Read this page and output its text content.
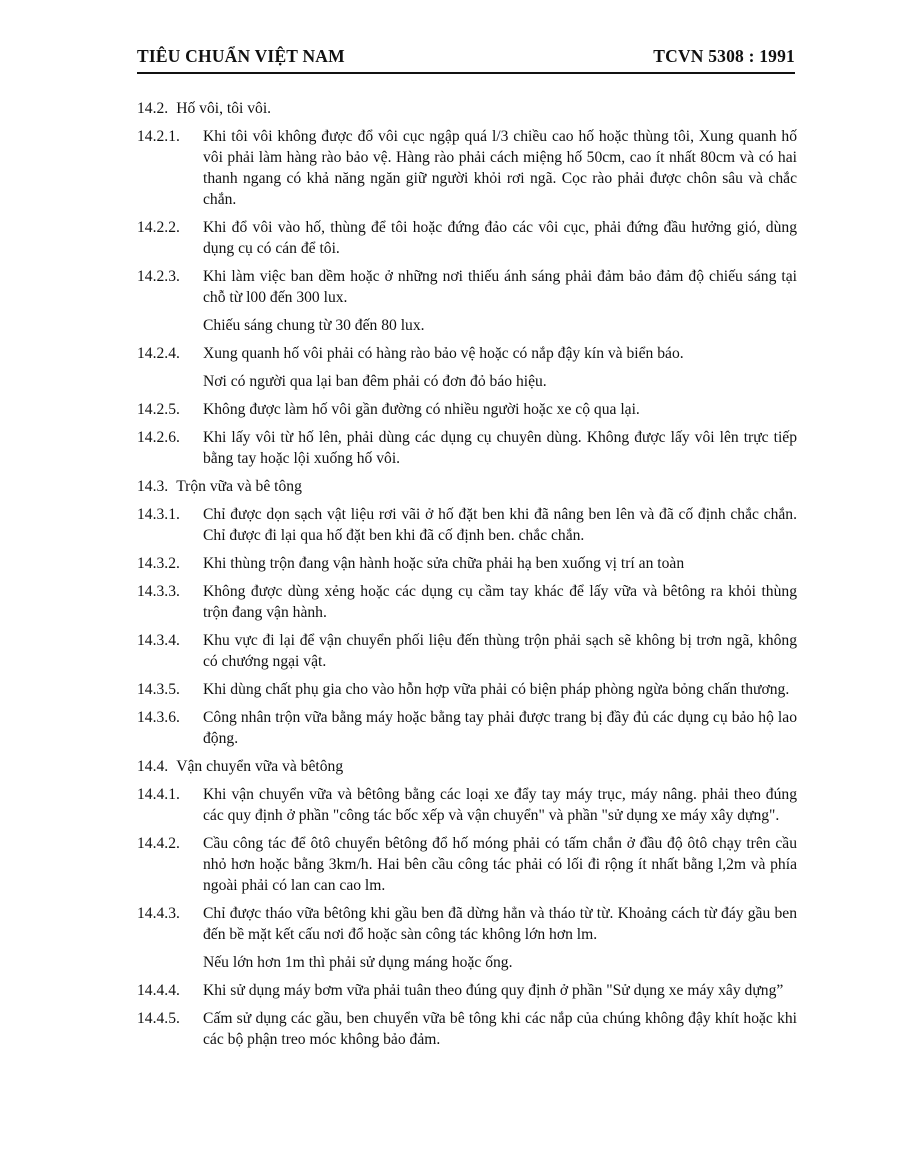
TIÊU CHUẨN VIỆT NAM	TCVN 5308 : 1991
14.2. Hố vôi, tôi vôi.
14.2.1.	Khi tôi vôi không được đổ vôi cục ngập quá l/3 chiều cao hố hoặc thùng tôi, Xung quanh hố vôi phải làm hàng rào bảo vệ. Hàng rào phải cách miệng hố 50cm, cao ít nhất 80cm và có hai thanh ngang có khả năng ngăn giữ người khỏi rơi ngã. Cọc rào phải được chôn sâu và chắc chắn.
14.2.2.	Khi đổ vôi vào hố, thùng để tôi hoặc đứng đảo các vôi cục, phải đứng đầu hưởng gió, dùng dụng cụ có cán để tôi.
14.2.3.	Khi làm việc ban dềm hoặc ở những nơi thiếu ánh sáng phải đảm bảo đảm độ chiếu sáng tại chỗ từ l00 đến 300 lux.
Chiếu sáng chung từ 30 đến 80 lux.
14.2.4.	Xung quanh hố vôi phải có hàng rào bảo vệ hoặc có nắp đậy kín và biển báo.
Nơi có người qua lại ban đêm phải có đơn đỏ báo hiệu.
14.2.5.	Không được làm hố vôi gần đường có nhiều người hoặc xe cộ qua lại.
14.2.6.	Khi lấy vôi từ hố lên, phải dùng các dụng cụ chuyên dùng. Không được lấy vôi lên trực tiếp bằng tay hoặc lội xuống hố vôi.
14.3. Trộn vữa và bê tông
14.3.1.	Chỉ được dọn sạch vật liệu rơi vãi ở hố đặt ben khi đã nâng ben lên và đã cố định chắc chắn. Chỉ được đi lại qua hố đặt ben khi đã cố định ben. chắc chắn.
14.3.2.	Khi thùng trộn đang vận hành hoặc sửa chữa phải hạ ben xuống vị trí an toàn
14.3.3.	Không được dùng xẻng hoặc các dụng cụ cầm tay khác để lấy vữa và bêtông ra khỏi thùng trộn đang vận hành.
14.3.4.	Khu vực đi lại để vận chuyển phối liệu đến thùng trộn phải sạch sẽ không bị trơn ngã, không có chướng ngại vật.
14.3.5.	Khi dùng chất phụ gia cho vào hỗn hợp vữa phải có biện pháp phòng ngừa bỏng chấn thương.
14.3.6.	Công nhân trộn vữa bằng máy hoặc bằng tay phải được trang bị đầy đủ các dụng cụ bảo hộ lao động.
14.4. Vận chuyển vữa và bêtông
14.4.1.	Khi vận chuyển vữa và bêtông bằng các loại xe đẩy tay máy trục, máy nâng. phải theo đúng các quy định ở phần "công tác bốc xếp và vận chuyển" và phần "sử dụng xe máy xây dựng".
14.4.2.	Cầu công tác để ôtô chuyển bêtông đổ hố móng phải có tấm chắn ở đầu độ ôtô chạy trên cầu nhỏ hơn hoặc bằng 3km/h. Hai bên cầu công tác phải có lối đi rộng ít nhất bằng l,2m và phía ngoài phải có lan can cao lm.
14.4.3.	Chỉ được tháo vữa bêtông khi gầu ben đã dừng hẳn và tháo từ từ. Khoảng cách từ đáy gầu ben đến bề mặt kết cấu nơi đổ hoặc sàn công tác không lớn hơn lm.
Nếu lớn hơn 1m thì phải sử dụng máng hoặc ống.
14.4.4.	Khi sử dụng máy bơm vữa phải tuân theo đúng quy định ở phần "Sử dụng xe máy xây dựng”
14.4.5.	Cấm sử dụng các gầu, ben chuyển vữa bê tông khi các nắp của chúng không đậy khít hoặc khi các bộ phận treo móc không bảo đảm.
